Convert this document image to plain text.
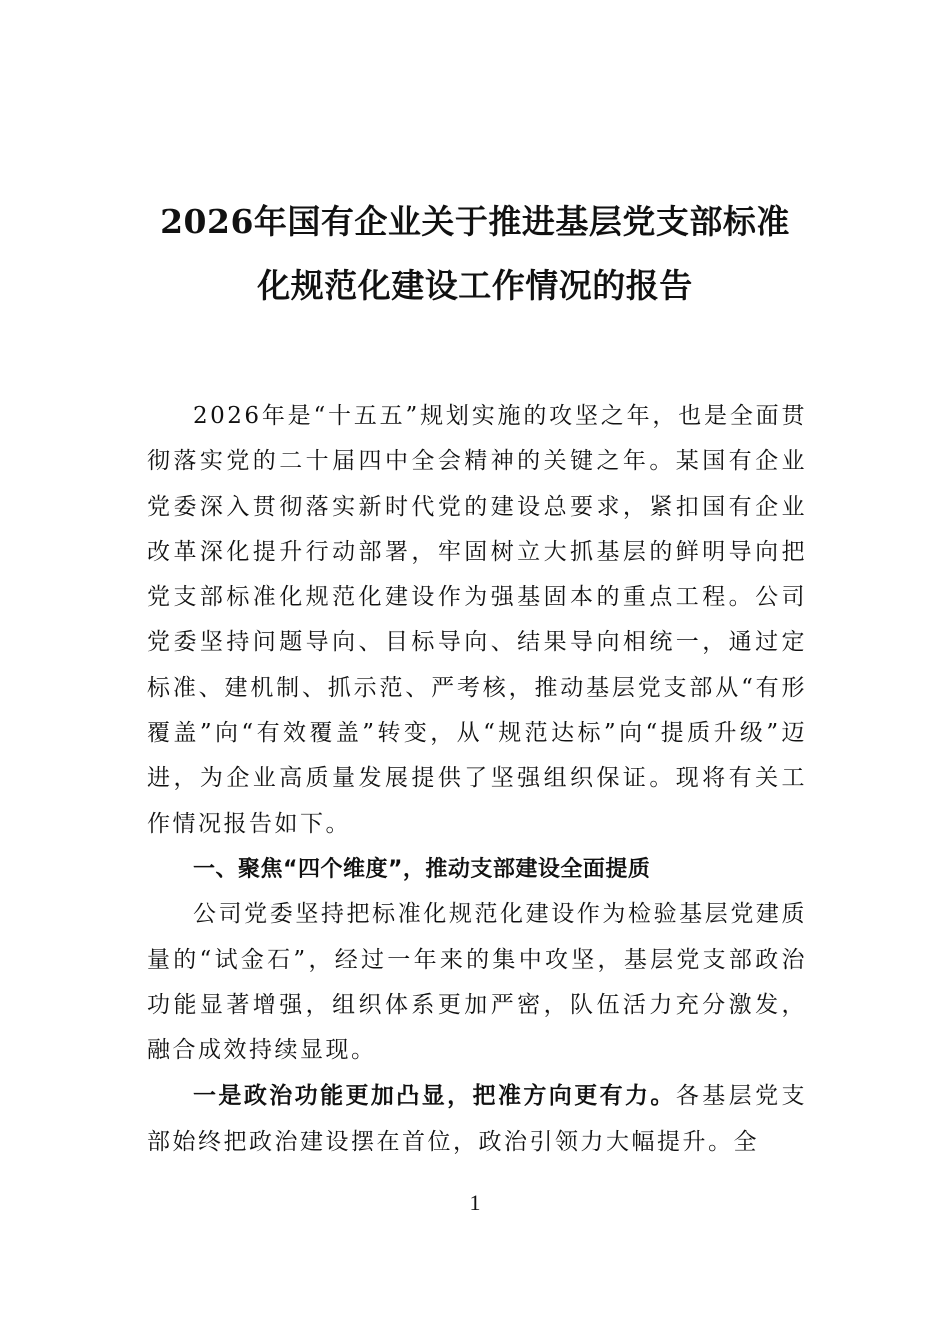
2026年国有企业关于推进基层党支部标准
化规范化建设工作情况的报告

2026年是“十五五”规划实施的攻坚之年，也是全面贯彻落实党的二十届四中全会精神的关键之年。某国有企业党委深入贯彻落实新时代党的建设总要求，紧扣国有企业改革深化提升行动部署，牢固树立大抓基层的鲜明导向把党支部标准化规范化建设作为强基固本的重点工程。公司党委坚持问题导向、目标导向、结果导向相统一，通过定标准、建机制、抓示范、严考核，推动基层党支部从“有形覆盖”向“有效覆盖”转变，从“规范达标”向“提质升级”迈进，为企业高质量发展提供了坚强组织保证。现将有关工作情况报告如下。

一、聚焦“四个维度”，推动支部建设全面提质

公司党委坚持把标准化规范化建设作为检验基层党建质量的“试金石”，经过一年来的集中攻坚，基层党支部政治功能显著增强，组织体系更加严密，队伍活力充分激发，融合成效持续显现。

一是政治功能更加凸显，把准方向更有力。各基层党支部始终把政治建设摆在首位，政治引领力大幅提升。全

1
